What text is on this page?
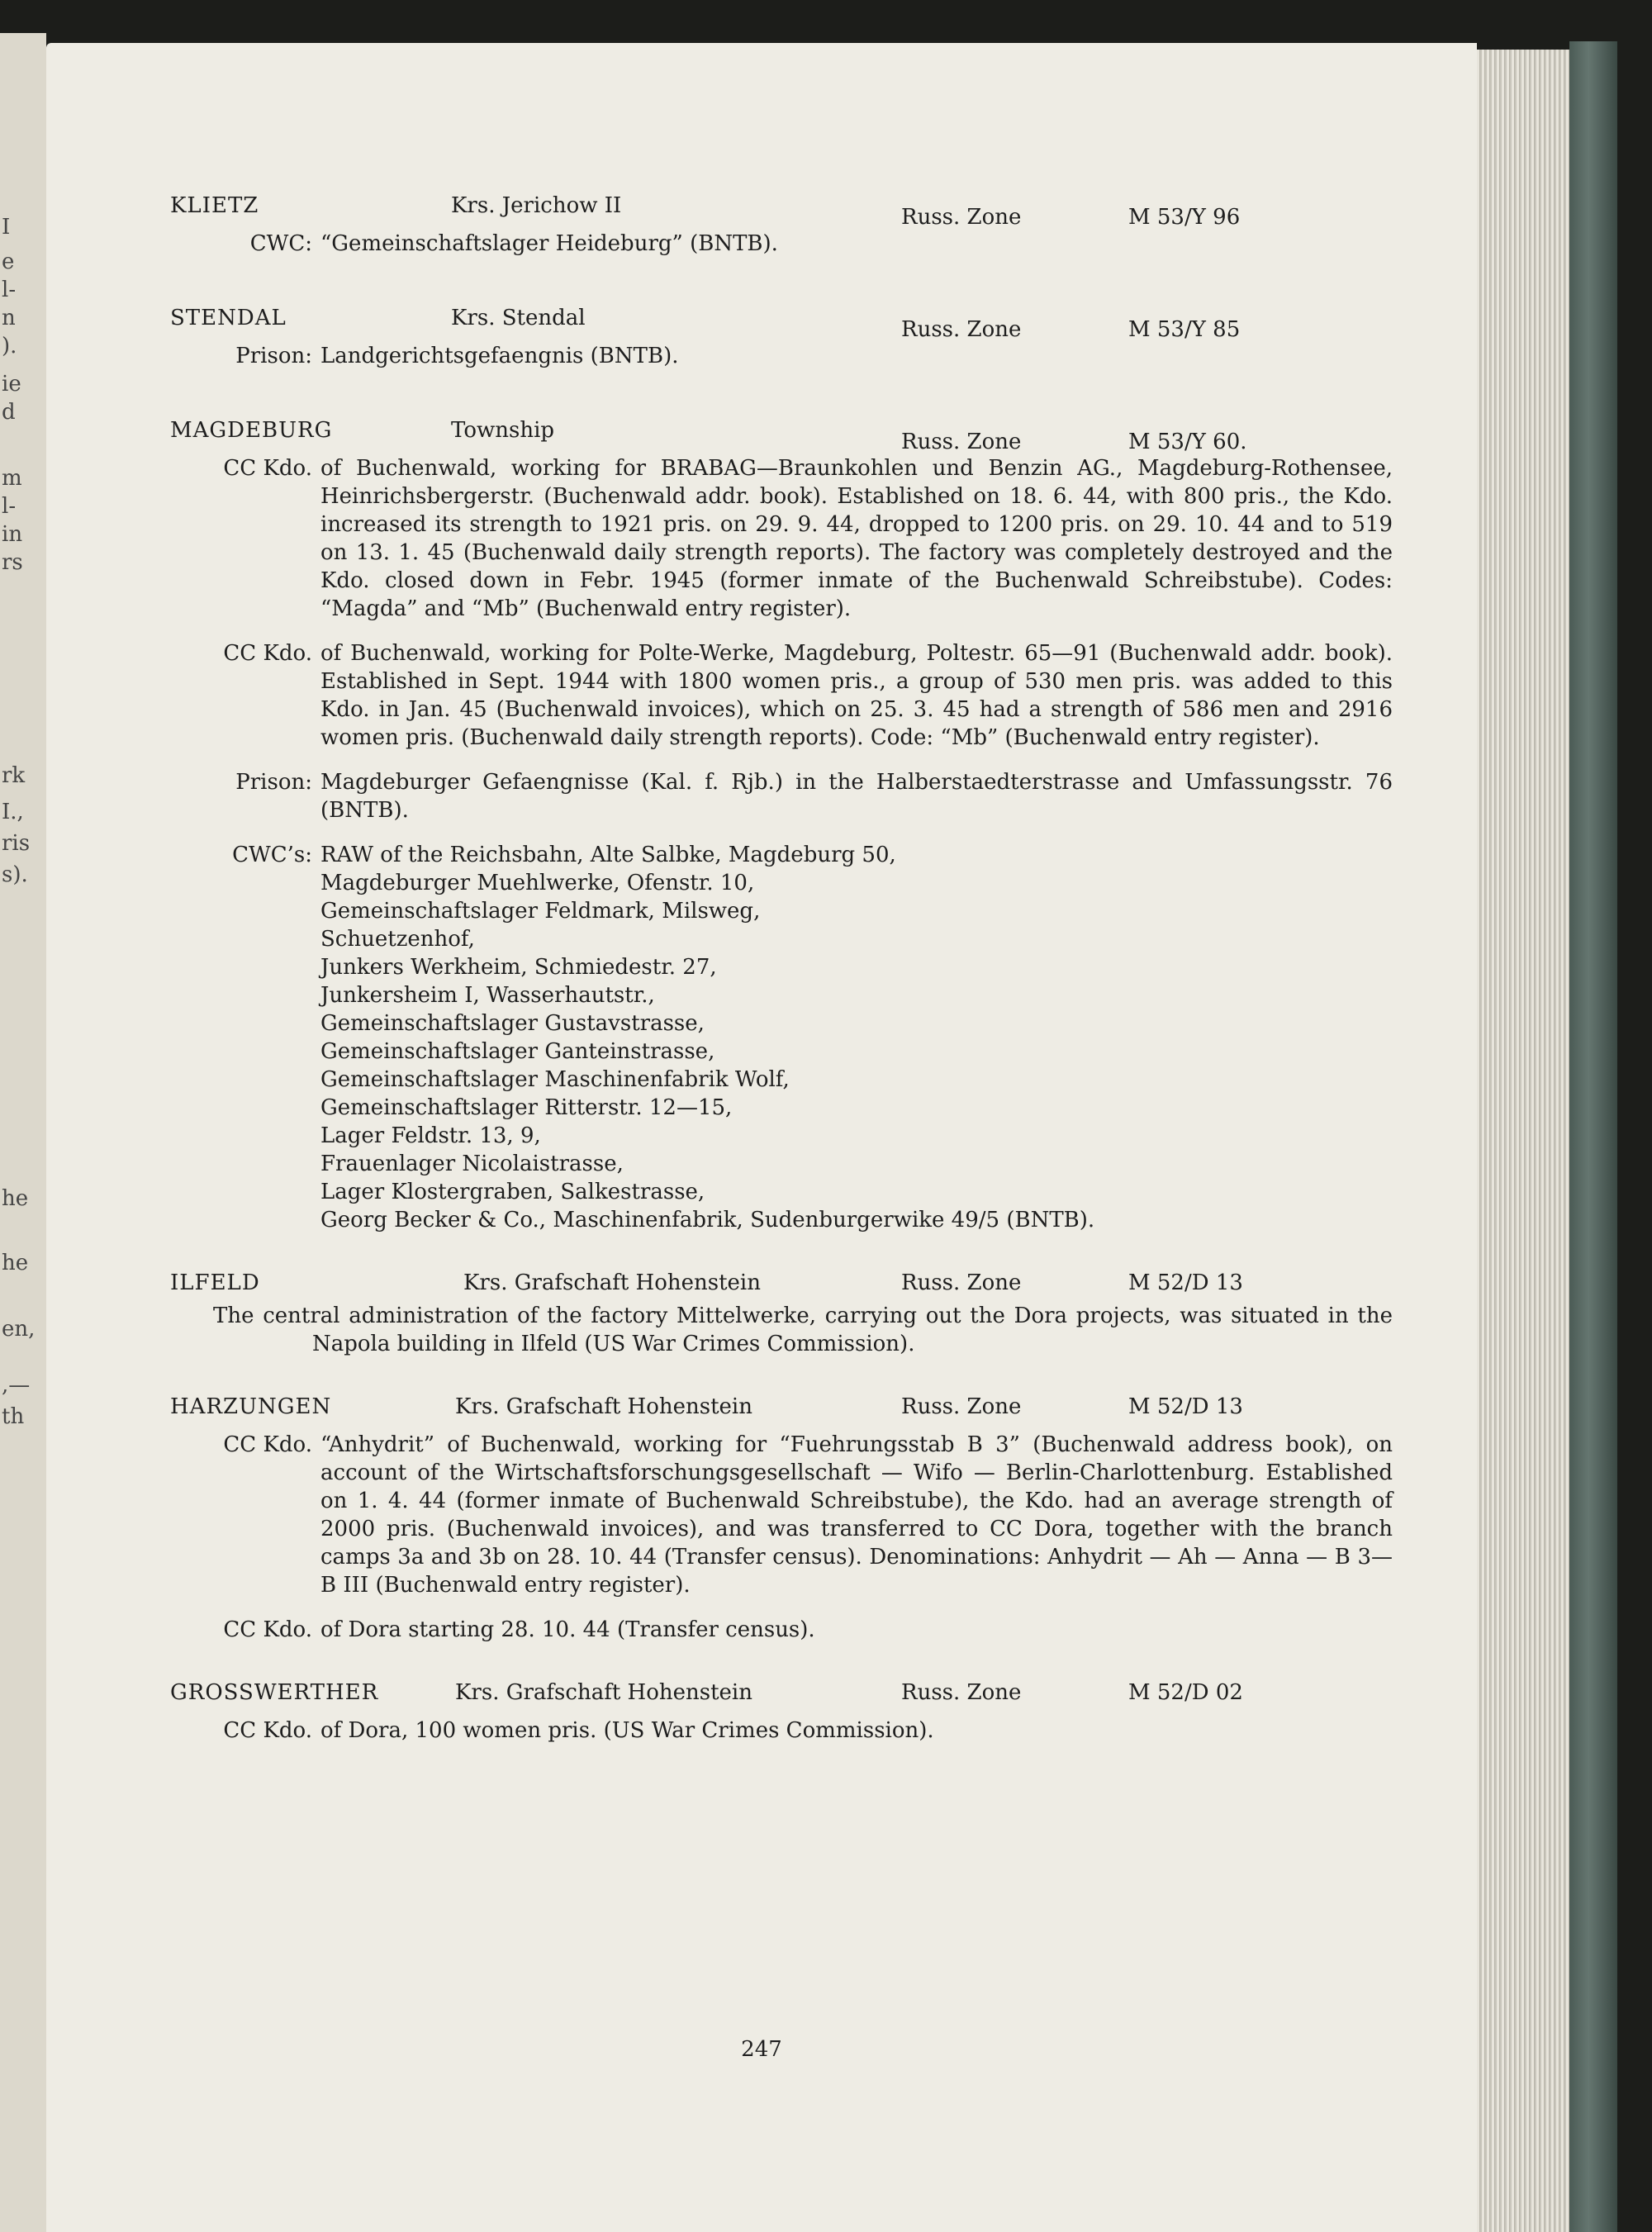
I
e
l-
n
).
ie
d
m
l-
in
rs
rk
I.,
ris
s).
he
he
en,
,—
th
KLIETZ	Krs. Jerichow II	Russ. Zone	M 53/Y 96
CWC: “Gemeinschaftslager Heideburg” (BNTB).
STENDAL	Krs. Stendal	Russ. Zone	M 53/Y 85
Prison: Landgerichtsgefaengnis (BNTB).
MAGDEBURG	Township	Russ. Zone	M 53/Y 60.
CC Kdo. of Buchenwald, working for BRABAG—Braunkohlen und Benzin AG., Magdeburg-Rothensee, Heinrichsbergerstr. (Buchenwald addr. book). Established on 18. 6. 44, with 800 pris., the Kdo. increased its strength to 1921 pris. on 29. 9. 44, dropped to 1200 pris. on 29. 10. 44 and to 519 on 13. 1. 45 (Buchenwald daily strength reports). The factory was completely destroyed and the Kdo. closed down in Febr. 1945 (former inmate of the Buchenwald Schreibstube). Codes: “Magda” and “Mb” (Buchenwald entry register).
CC Kdo. of Buchenwald, working for Polte-Werke, Magdeburg, Poltestr. 65—91 (Buchenwald addr. book). Established in Sept. 1944 with 1800 women pris., a group of 530 men pris. was added to this Kdo. in Jan. 45 (Buchenwald invoices), which on 25. 3. 45 had a strength of 586 men and 2916 women pris. (Buchenwald daily strength reports). Code: “Mb” (Buchenwald entry register).
Prison: Magdeburger Gefaengnisse (Kal. f. Rjb.) in the Halberstaedterstrasse and Umfassungsstr. 76 (BNTB).
CWC’s: RAW of the Reichsbahn, Alte Salbke, Magdeburg 50,
Magdeburger Muehlwerke, Ofenstr. 10,
Gemeinschaftslager Feldmark, Milsweg,
Schuetzenhof,
Junkers Werkheim, Schmiedestr. 27,
Junkersheim I, Wasserhautstr.,
Gemeinschaftslager Gustavstrasse,
Gemeinschaftslager Ganteinstrasse,
Gemeinschaftslager Maschinenfabrik Wolf,
Gemeinschaftslager Ritterstr. 12—15,
Lager Feldstr. 13, 9,
Frauenlager Nicolaistrasse,
Lager Klostergraben, Salkestrasse,
Georg Becker & Co., Maschinenfabrik, Sudenburgerwike 49/5 (BNTB).
ILFELD	Krs. Grafschaft Hohenstein	Russ. Zone	M 52/D 13
The central administration of the factory Mittelwerke, carrying out the Dora projects, was situated in the Napola building in Ilfeld (US War Crimes Commission).
HARZUNGEN	Krs. Grafschaft Hohenstein	Russ. Zone	M 52/D 13
CC Kdo. “Anhydrit” of Buchenwald, working for “Fuehrungsstab B 3” (Buchenwald address book), on account of the Wirtschaftsforschungsgesellschaft — Wifo — Berlin-Charlottenburg. Established on 1. 4. 44 (former inmate of Buchenwald Schreibstube), the Kdo. had an average strength of 2000 pris. (Buchenwald invoices), and was transferred to CC Dora, together with the branch camps 3a and 3b on 28. 10. 44 (Transfer census). Denominations: Anhydrit — Ah — Anna — B 3— B III (Buchenwald entry register).
CC Kdo. of Dora starting 28. 10. 44 (Transfer census).
GROSSWERTHER	Krs. Grafschaft Hohenstein	Russ. Zone	M 52/D 02
CC Kdo. of Dora, 100 women pris. (US War Crimes Commission).
247
